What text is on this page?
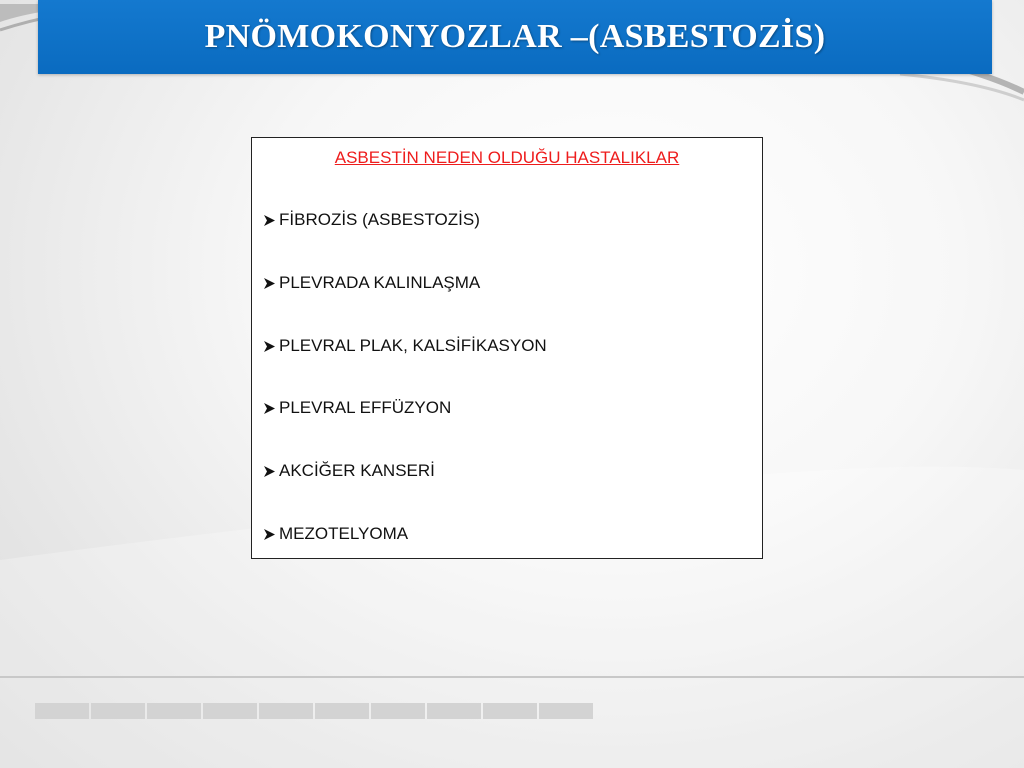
PNÖMOKONYOZLAR –(ASBESTOZİS)
ASBESTİN NEDEN OLDUĞU HASTALIKLAR
FİBROZİS (ASBESTOZİS)
PLEVRADA KALINLAŞMA
PLEVRAL PLAK, KALSİFİKASYON
PLEVRAL EFFÜZYON
AKCİĞER KANSERİ
MEZOTELYOMA
